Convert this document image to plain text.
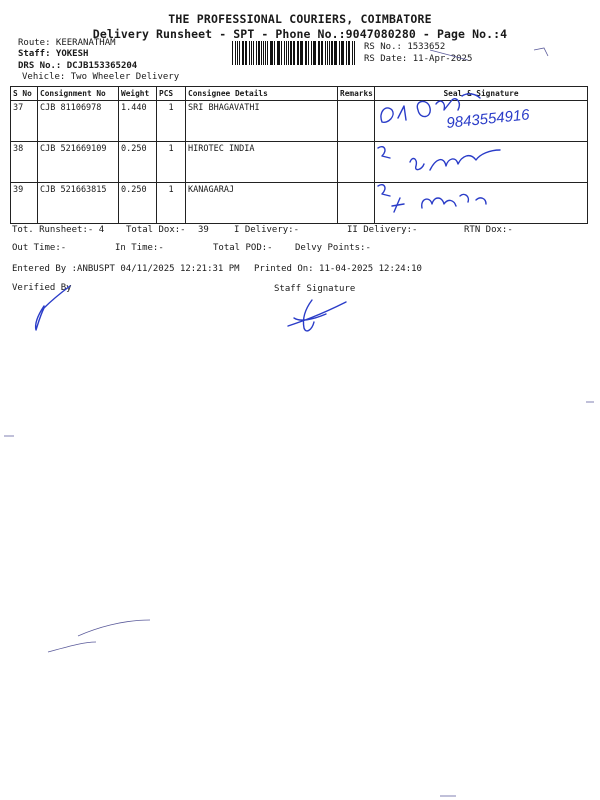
THE PROFESSIONAL COURIERS, COIMBATORE
Delivery Runsheet - SPT - Phone No.:9047080280 - Page No.:4
Route: KEERANATHAM
Staff: YOKESH
DRS No.: DCJB153365204
Vehicle: Two Wheeler Delivery
RS No.: 1533652
RS Date: 11-Apr-2025
S No	Consignment No	Weight	PCS	Consignee Details	Remarks	Seal & Signature
37	CJB 81106978	1.440	1	SRI BHAGAVATHI		
38	CJB 521669109	0.250	1	HIROTEC INDIA		
39	CJB 521663815	0.250	1	KANAGARAJ		
Tot. Runsheet:- 4 Total Dox:- 39	I Delivery:-	II Delivery:-	RTN Dox:-
Out Time:-	In Time:-	Total POD:- Delvy Points:-
Entered By :ANBUSPT 04/11/2025 12:21:31 PM Printed On: 11-04-2025 12:24:10
Verified By	Staff Signature
9843554916
